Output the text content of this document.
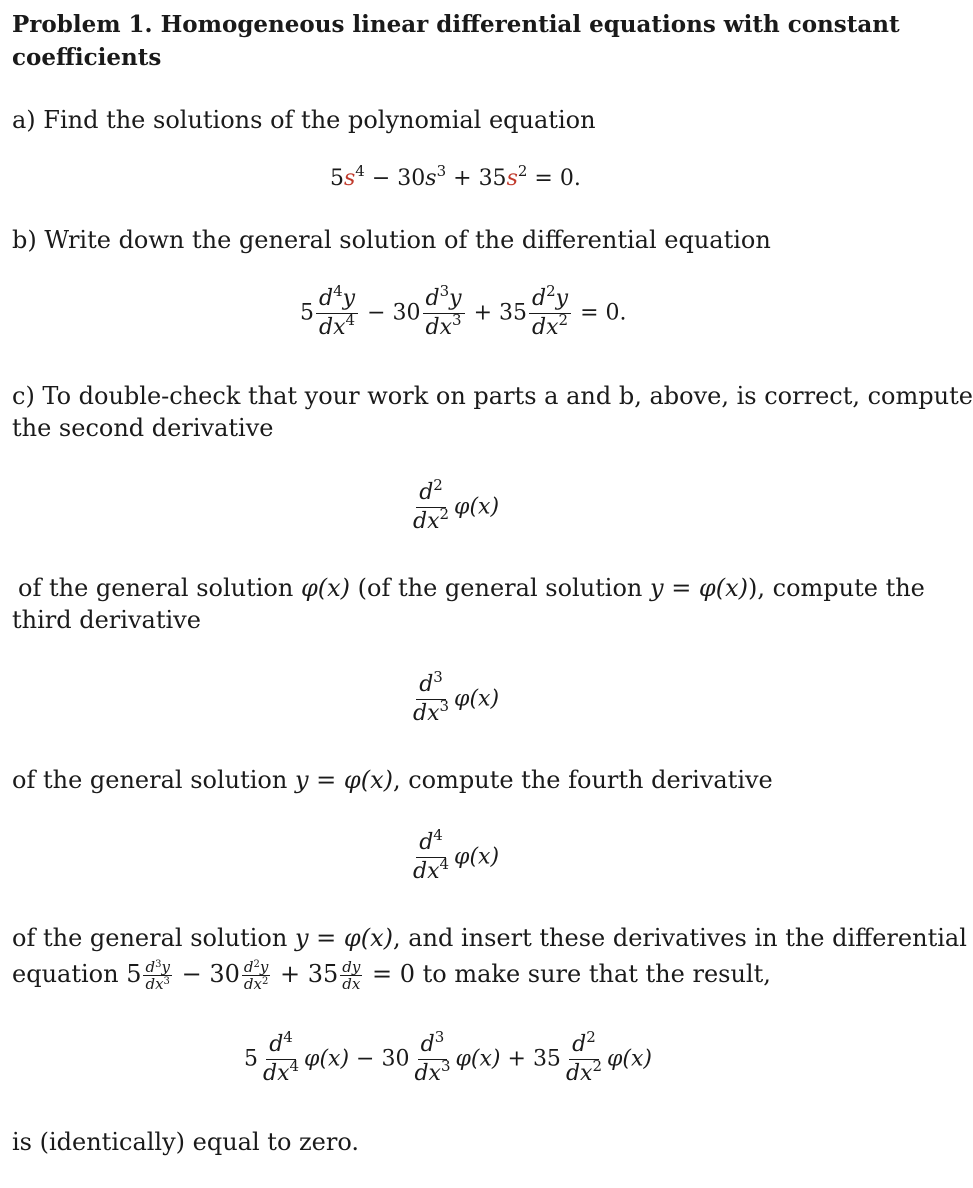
Problem 1. Homogeneous linear differential equations with constant
coefficients
a) Find the solutions of the polynomial equation
$5s^4 - 30s^3 + 35s^2 = 0$.
b) Write down the general solution of the differential equation
$5 \frac{d^4y}{dx^4} - 30 \frac{d^3y}{dx^3} + 35 \frac{d^2y}{dx^2} = 0$.
c) To double-check that your work on parts a and b, above, is correct, compute
the second derivative
$\frac{d^2}{dx^2} \varphi(x)$
of the general solution φ(x) (of the general solution y = φ(x)), compute the
third derivative
$\frac{d^3}{dx^3} \varphi(x)$
of the general solution y = φ(x), compute the fourth derivative
$\frac{d^4}{dx^4} \varphi(x)$
of the general solution y = φ(x), and insert these derivatives in the differential
equation $5 \frac{d^3y}{dx^3} - 30 \frac{d^2y}{dx^2} + 35 \frac{dy}{dx} = 0$ to make sure that the result,
$5 \frac{d^4}{dx^4} \varphi(x) - 30 \frac{d^3}{dx^3} \varphi(x) + 35 \frac{d^2}{dx^2} \varphi(x)$
is (identically) equal to zero.
